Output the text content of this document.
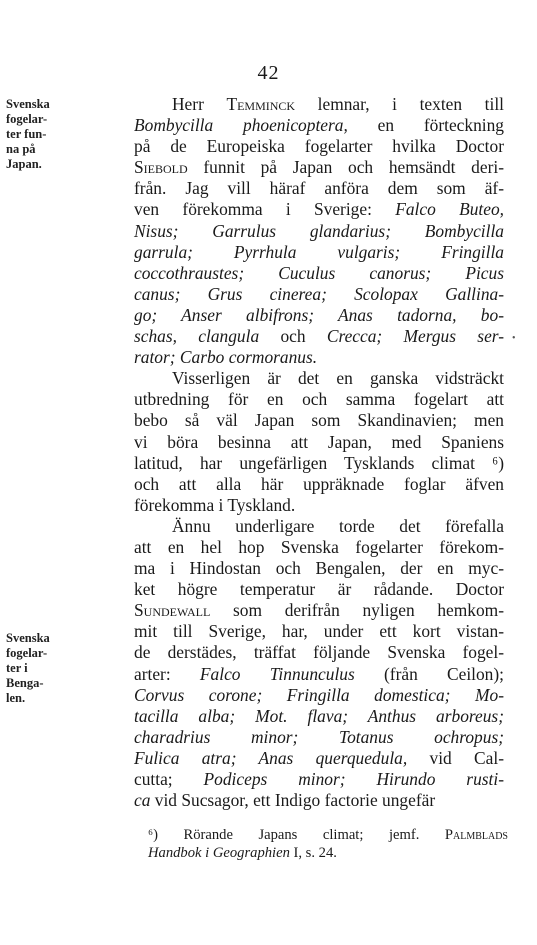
42
Svenska
fogelar-
ter fun-
na på
Japan.
Svenska
fogelar-
ter i
Benga-
len.
Herr Temminck lemnar, i texten till
Bombycilla phoenicoptera, en förteckning
på de Europeiska fogelarter hvilka Doctor
Siebold funnit på Japan och hemsändt deri-
från. Jag vill häraf anföra dem som äf-
ven förekomma i Sverige: Falco Buteo,
Nisus; Garrulus glandarius; Bombycilla
garrula; Pyrrhula vulgaris; Fringilla
coccothraustes; Cuculus canorus; Picus
canus; Grus cinerea; Scolopax Gallina-
go; Anser albifrons; Anas tadorna, bo-
schas, clangula och Crecca; Mergus ser-
rator; Carbo cormoranus.
Visserligen är det en ganska vidsträckt
utbredning för en och samma fogelart att
bebo så väl Japan som Skandinavien; men
vi böra besinna att Japan, med Spaniens
latitud, har ungefärligen Tysklands climat ⁶)
och att alla här uppräknade foglar äfven
förekomma i Tyskland.
Ännu underligare torde det förefalla
att en hel hop Svenska fogelarter förekom-
ma i Hindostan och Bengalen, der en myc-
ket högre temperatur är rådande. Doctor
Sundewall som derifrån nyligen hemkom-
mit till Sverige, har, under ett kort vistan-
de derstädes, träffat följande Svenska fogel-
arter: Falco Tinnunculus (från Ceilon);
Corvus corone; Fringilla domestica; Mo-
tacilla alba; Mot. flava; Anthus arboreus;
charadrius minor; Totanus ochropus;
Fulica atra; Anas querquedula, vid Cal-
cutta; Podiceps minor; Hirundo rusti-
ca vid Sucsagor, ett Indigo factorie ungefär
•
⁶) Rörande Japans climat; jemf. Palmblads
Handbok i Geographien I, s. 24.
